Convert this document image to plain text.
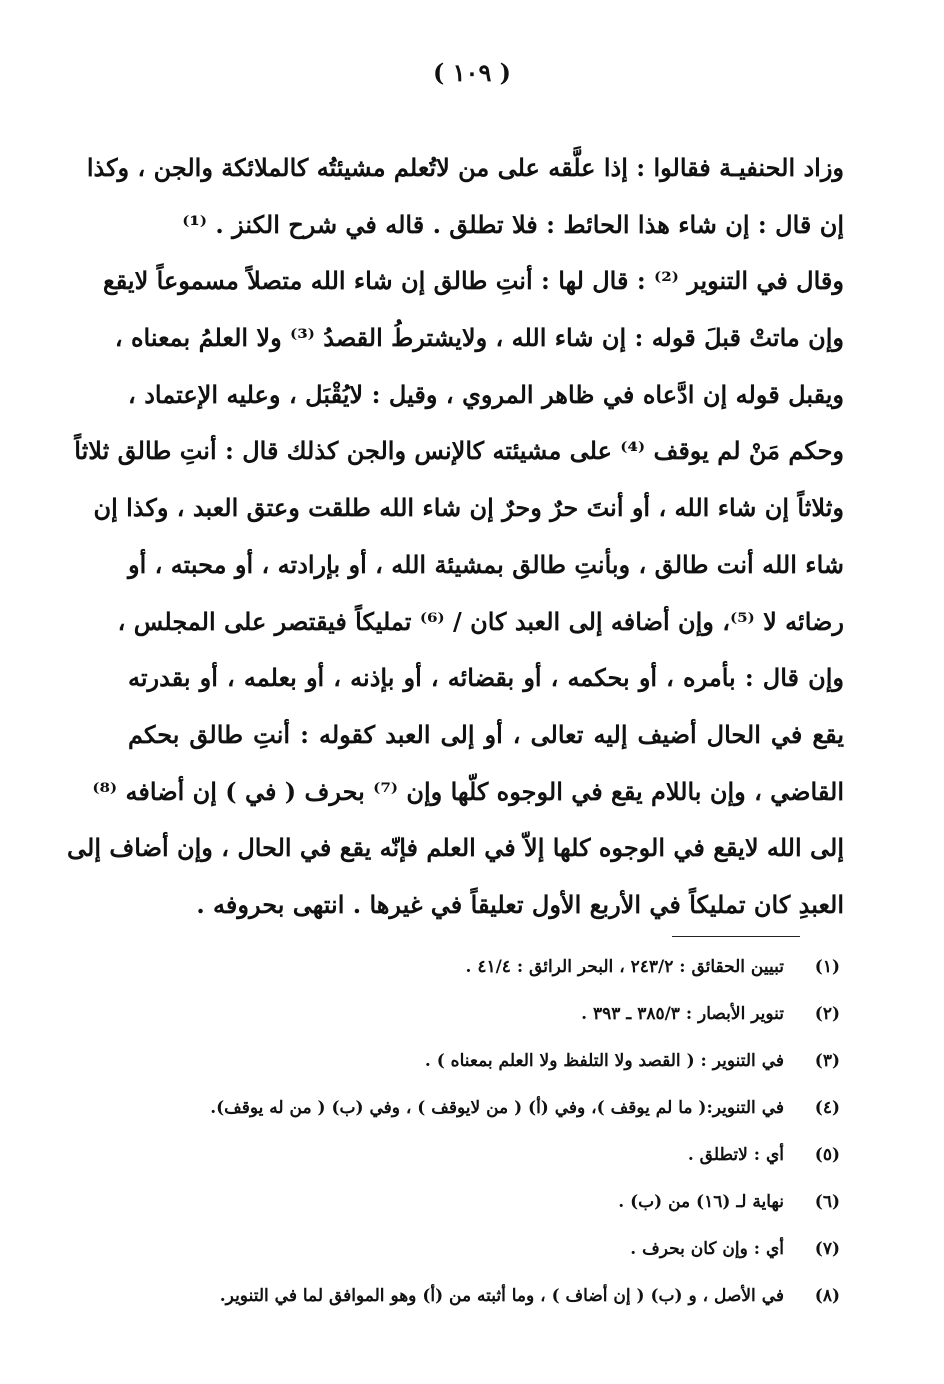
( ١٠٩ )
وزاد الحنفيـة فقالوا : إذا علَّقه على من لاتُعلم مشيئتُه كالملائكة والجن ، وكذا
إن قال : إن شاء هذا الحائط : فلا تطلق . قاله في شرح الكنز . ⁽¹⁾
وقال في التنوير ⁽²⁾ : قال لها : أنتِ طالق إن شاء الله متصلاً مسموعاً لايقع
وإن ماتتْ قبلَ قوله : إن شاء الله ، ولايشترطُ القصدُ ⁽³⁾ ولا العلمُ بمعناه ،
ويقبل قوله إن ادَّعاه في ظاهر المروي ، وقيل : لايُقْبَل ، وعليه الإعتماد ،
وحكم مَنْ لم يوقف ⁽⁴⁾ على مشيئته كالإنس والجن كذلك قال : أنتِ طالق ثلاثاً
وثلاثاً إن شاء الله ، أو أنتَ حرٌ وحرٌ إن شاء الله طلقت وعتق العبد ، وكذا إن
شاء الله أنت طالق ، وبأنتِ طالق بمشيئة الله ، أو بإرادته ، أو محبته ، أو
رضائه لا ⁽⁵⁾، وإن أضافه إلى العبد كان / ⁽⁶⁾ تمليكاً فيقتصر على المجلس ،
وإن قال : بأمره ، أو بحكمه ، أو بقضائه ، أو بإذنه ، أو بعلمه ، أو بقدرته
يقع في الحال أضيف إليه تعالى ، أو إلى العبد كقوله : أنتِ طالق بحكم
القاضي ، وإن باللام يقع في الوجوه كلّها وإن ⁽⁷⁾ بحرف ( في ) إن أضافه ⁽⁸⁾
إلى الله لايقع في الوجوه كلها إلاّ في العلم فإنّه يقع في الحال ، وإن أضاف إلى
العبدِ كان تمليكاً في الأربع الأول تعليقاً في غيرها . انتهى بحروفه .
(١)
تبيين الحقائق : ٢٤٣/٢ ، البحر الرائق : ٤١/٤ .
(٢)
تنوير الأبصار : ٣٨٥/٣ ـ ٣٩٣ .
(٣)
في التنوير : ( القصد ولا التلفظ ولا العلم بمعناه ) .
(٤)
في التنوير:( ما لم يوقف )، وفي (أ) ( من لايوقف ) ، وفي (ب) ( من له يوقف).
(٥)
أي : لاتطلق .
(٦)
نهاية لـ (١٦) من (ب) .
(٧)
أي : وإن كان بحرف .
(٨)
في الأصل ، و (ب) ( إن أضاف ) ، وما أثبته من (أ) وهو الموافق لما في التنوير.
